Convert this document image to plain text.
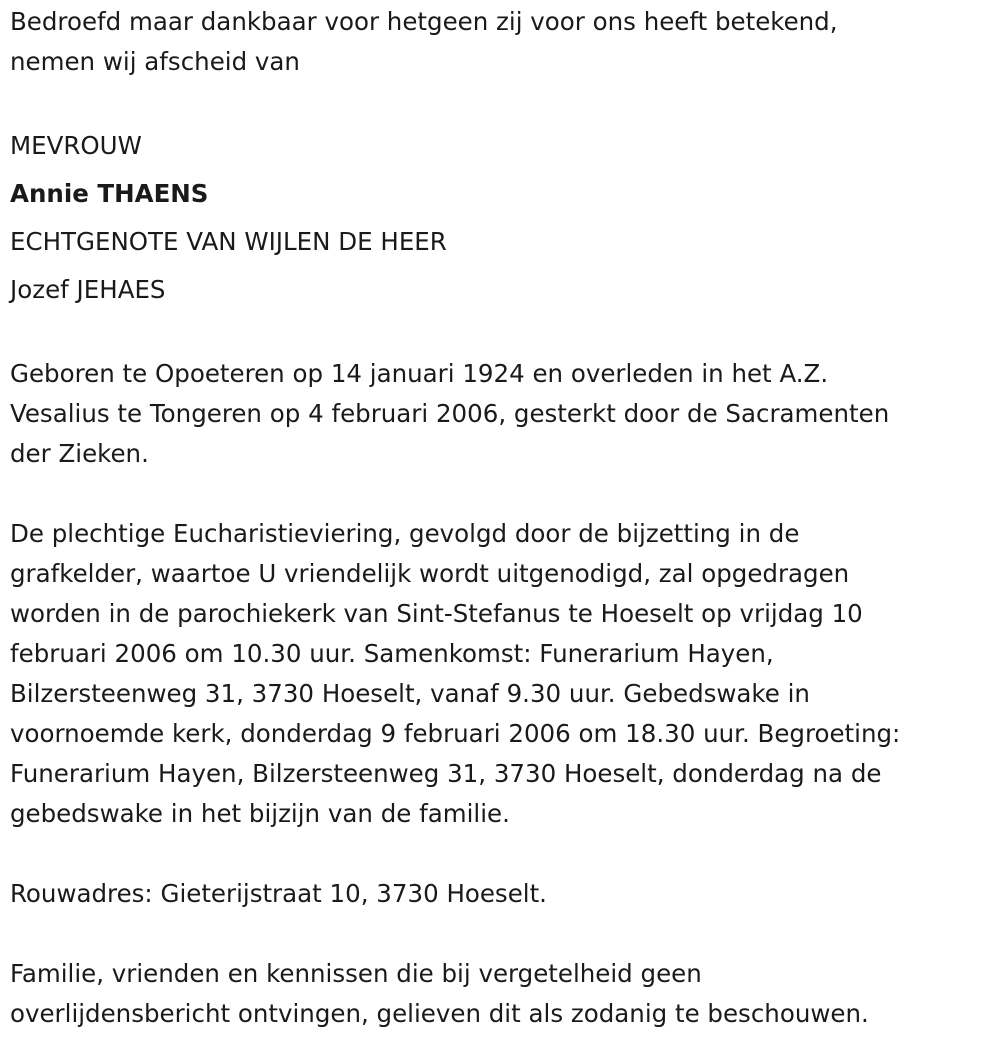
Bedroefd maar dankbaar voor hetgeen zij voor ons heeft betekend,
nemen wij afscheid van
MEVROUW
Annie THAENS
ECHTGENOTE VAN WIJLEN DE HEER
Jozef JEHAES
Geboren te Opoeteren op 14 januari 1924 en overleden in het A.Z.
Vesalius te Tongeren op 4 februari 2006, gesterkt door de Sacramenten
der Zieken.
De plechtige Eucharistieviering, gevolgd door de bijzetting in de
grafkelder, waartoe U vriendelijk wordt uitgenodigd, zal opgedragen
worden in de parochiekerk van Sint-Stefanus te Hoeselt op vrijdag 10
februari 2006 om 10.30 uur. Samenkomst: Funerarium Hayen,
Bilzersteenweg 31, 3730 Hoeselt, vanaf 9.30 uur. Gebedswake in
voornoemde kerk, donderdag 9 februari 2006 om 18.30 uur. Begroeting:
Funerarium Hayen, Bilzersteenweg 31, 3730 Hoeselt, donderdag na de
gebedswake in het bijzijn van de familie.
Rouwadres: Gieterijstraat 10, 3730 Hoeselt.
Familie, vrienden en kennissen die bij vergetelheid geen
overlijdensbericht ontvingen, gelieven dit als zodanig te beschouwen.
